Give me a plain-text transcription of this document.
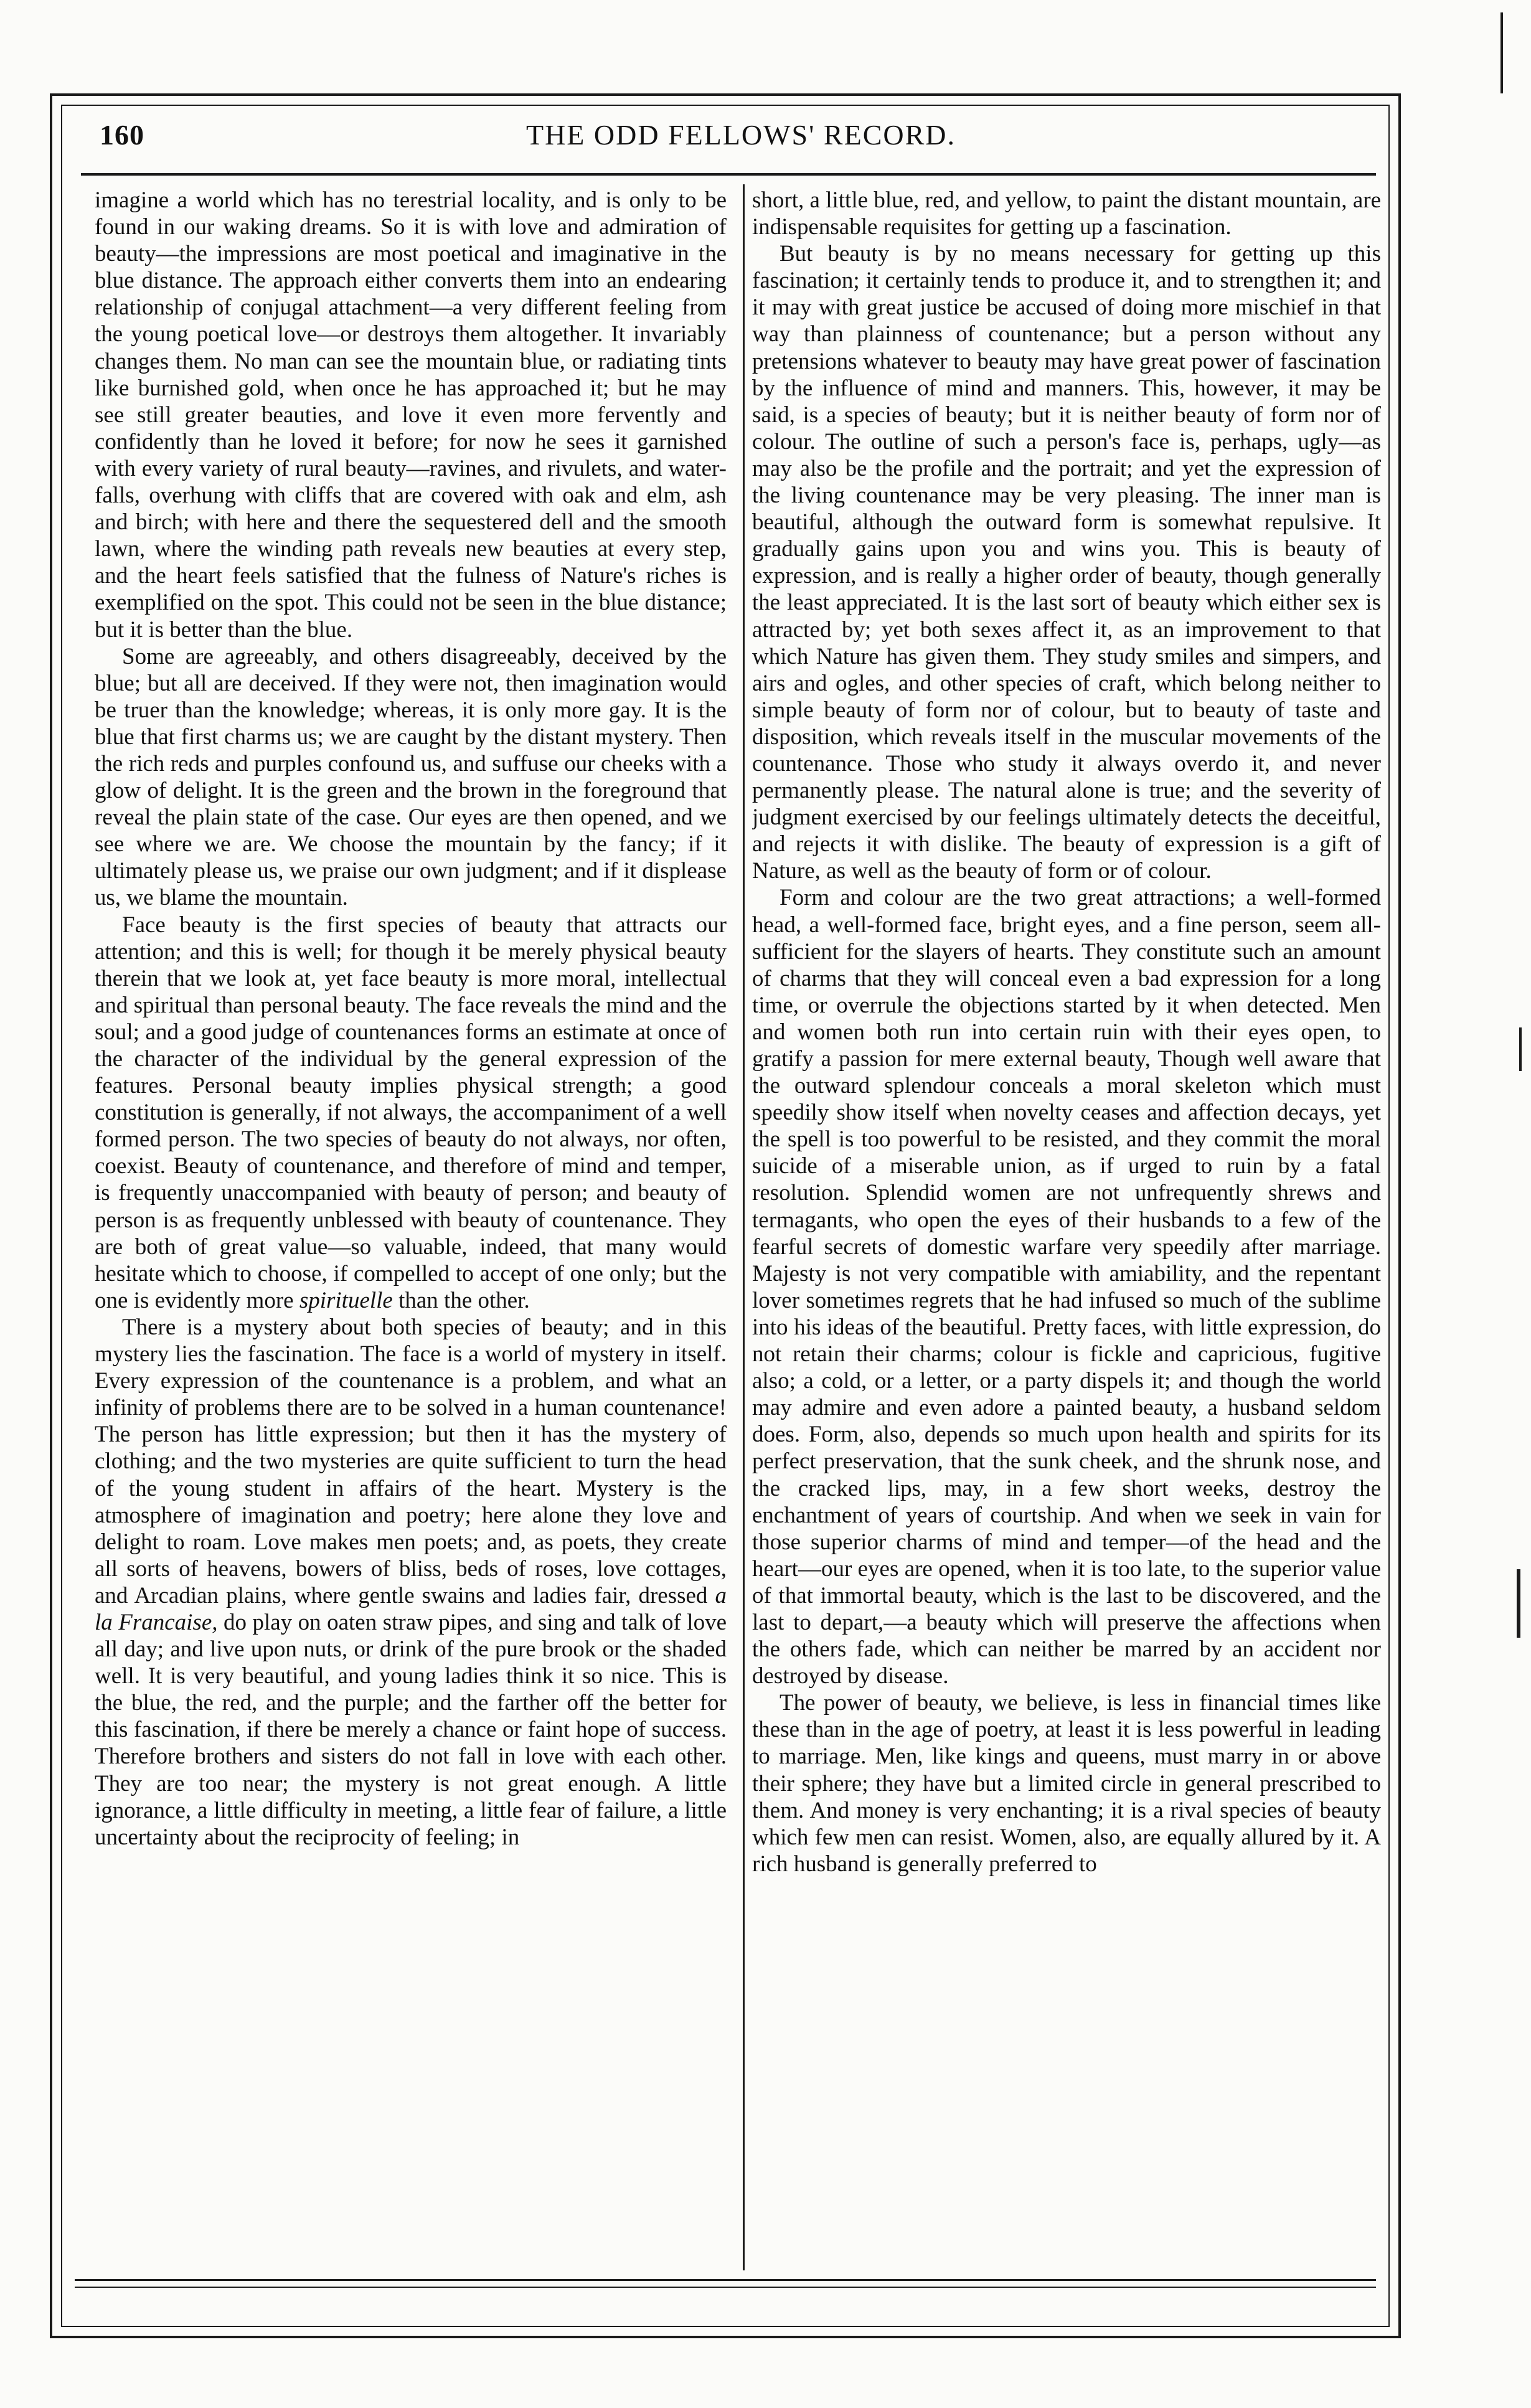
160	THE ODD FELLOWS' RECORD.

imagine a world which has no terestrial locality, and is only to be found in our waking dreams. So it is with love and admiration of beauty—the impressions are most poetical and imaginative in the blue distance. The approach either converts them into an endearing relationship of conjugal attachment—a very different feeling from the young poetical love—or destroys them altogether. It invariably changes them. No man can see the mountain blue, or radiating tints like burnished gold, when once he has approached it; but he may see still greater beauties, and love it even more fervently and confidently than he loved it before; for now he sees it garnished with every variety of rural beauty—ravines, and rivulets, and water-falls, overhung with cliffs that are covered with oak and elm, ash and birch; with here and there the sequestered dell and the smooth lawn, where the winding path reveals new beauties at every step, and the heart feels satisfied that the fulness of Nature's riches is exemplified on the spot. This could not be seen in the blue distance; but it is better than the blue.

Some are agreeably, and others disagreeably, deceived by the blue; but all are deceived. If they were not, then imagination would be truer than the knowledge; whereas, it is only more gay. It is the blue that first charms us; we are caught by the distant mystery. Then the rich reds and purples confound us, and suffuse our cheeks with a glow of delight. It is the green and the brown in the foreground that reveal the plain state of the case. Our eyes are then opened, and we see where we are. We choose the mountain by the fancy; if it ultimately please us, we praise our own judgment; and if it displease us, we blame the mountain.

Face beauty is the first species of beauty that attracts our attention; and this is well; for though it be merely physical beauty therein that we look at, yet face beauty is more moral, intellectual and spiritual than personal beauty. The face reveals the mind and the soul; and a good judge of countenances forms an estimate at once of the character of the individual by the general expression of the features. Personal beauty implies physical strength; a good constitution is generally, if not always, the accompaniment of a well formed person. The two species of beauty do not always, nor often, coexist. Beauty of countenance, and therefore of mind and temper, is frequently unaccompanied with beauty of person; and beauty of person is as frequently unblessed with beauty of countenance. They are both of great value—so valuable, indeed, that many would hesitate which to choose, if compelled to accept of one only; but the one is evidently more spirituelle than the other.

There is a mystery about both species of beauty; and in this mystery lies the fascination. The face is a world of mystery in itself. Every expression of the countenance is a problem, and what an infinity of problems there are to be solved in a human countenance! The person has little expression; but then it has the mystery of clothing; and the two mysteries are quite sufficient to turn the head of the young student in affairs of the heart. Mystery is the atmosphere of imagination and poetry; here alone they love and delight to roam. Love makes men poets; and, as poets, they create all sorts of heavens, bowers of bliss, beds of roses, love cottages, and Arcadian plains, where gentle swains and ladies fair, dressed a la Francaise, do play on oaten straw pipes, and sing and talk of love all day; and live upon nuts, or drink of the pure brook or the shaded well. It is very beautiful, and young ladies think it so nice. This is the blue, the red, and the purple; and the farther off the better for this fascination, if there be merely a chance or faint hope of success. Therefore brothers and sisters do not fall in love with each other. They are too near; the mystery is not great enough. A little ignorance, a little difficulty in meeting, a little fear of failure, a little uncertainty about the reciprocity of feeling; in

short, a little blue, red, and yellow, to paint the distant mountain, are indispensable requisites for getting up a fascination.

But beauty is by no means necessary for getting up this fascination; it certainly tends to produce it, and to strengthen it; and it may with great justice be accused of doing more mischief in that way than plainness of countenance; but a person without any pretensions whatever to beauty may have great power of fascination by the influence of mind and manners. This, however, it may be said, is a species of beauty; but it is neither beauty of form nor of colour. The outline of such a person's face is, perhaps, ugly—as may also be the profile and the portrait; and yet the expression of the living countenance may be very pleasing. The inner man is beautiful, although the outward form is somewhat repulsive. It gradually gains upon you and wins you. This is beauty of expression, and is really a higher order of beauty, though generally the least appreciated. It is the last sort of beauty which either sex is attracted by; yet both sexes affect it, as an improvement to that which Nature has given them. They study smiles and simpers, and airs and ogles, and other species of craft, which belong neither to simple beauty of form nor of colour, but to beauty of taste and disposition, which reveals itself in the muscular movements of the countenance. Those who study it always overdo it, and never permanently please. The natural alone is true; and the severity of judgment exercised by our feelings ultimately detects the deceitful, and rejects it with dislike. The beauty of expression is a gift of Nature, as well as the beauty of form or of colour.

Form and colour are the two great attractions; a well-formed head, a well-formed face, bright eyes, and a fine person, seem all-sufficient for the slayers of hearts. They constitute such an amount of charms that they will conceal even a bad expression for a long time, or overrule the objections started by it when detected. Men and women both run into certain ruin with their eyes open, to gratify a passion for mere external beauty, Though well aware that the outward splendour conceals a moral skeleton which must speedily show itself when novelty ceases and affection decays, yet the spell is too powerful to be resisted, and they commit the moral suicide of a miserable union, as if urged to ruin by a fatal resolution. Splendid women are not unfrequently shrews and termagants, who open the eyes of their husbands to a few of the fearful secrets of domestic warfare very speedily after marriage. Majesty is not very compatible with amiability, and the repentant lover sometimes regrets that he had infused so much of the sublime into his ideas of the beautiful. Pretty faces, with little expression, do not retain their charms; colour is fickle and capricious, fugitive also; a cold, or a letter, or a party dispels it; and though the world may admire and even adore a painted beauty, a husband seldom does. Form, also, depends so much upon health and spirits for its perfect preservation, that the sunk cheek, and the shrunk nose, and the cracked lips, may, in a few short weeks, destroy the enchantment of years of courtship. And when we seek in vain for those superior charms of mind and temper—of the head and the heart—our eyes are opened, when it is too late, to the superior value of that immortal beauty, which is the last to be discovered, and the last to depart,—a beauty which will preserve the affections when the others fade, which can neither be marred by an accident nor destroyed by disease.

The power of beauty, we believe, is less in financial times like these than in the age of poetry, at least it is less powerful in leading to marriage. Men, like kings and queens, must marry in or above their sphere; they have but a limited circle in general prescribed to them. And money is very enchanting; it is a rival species of beauty which few men can resist. Women, also, are equally allured by it. A rich husband is generally preferred to
